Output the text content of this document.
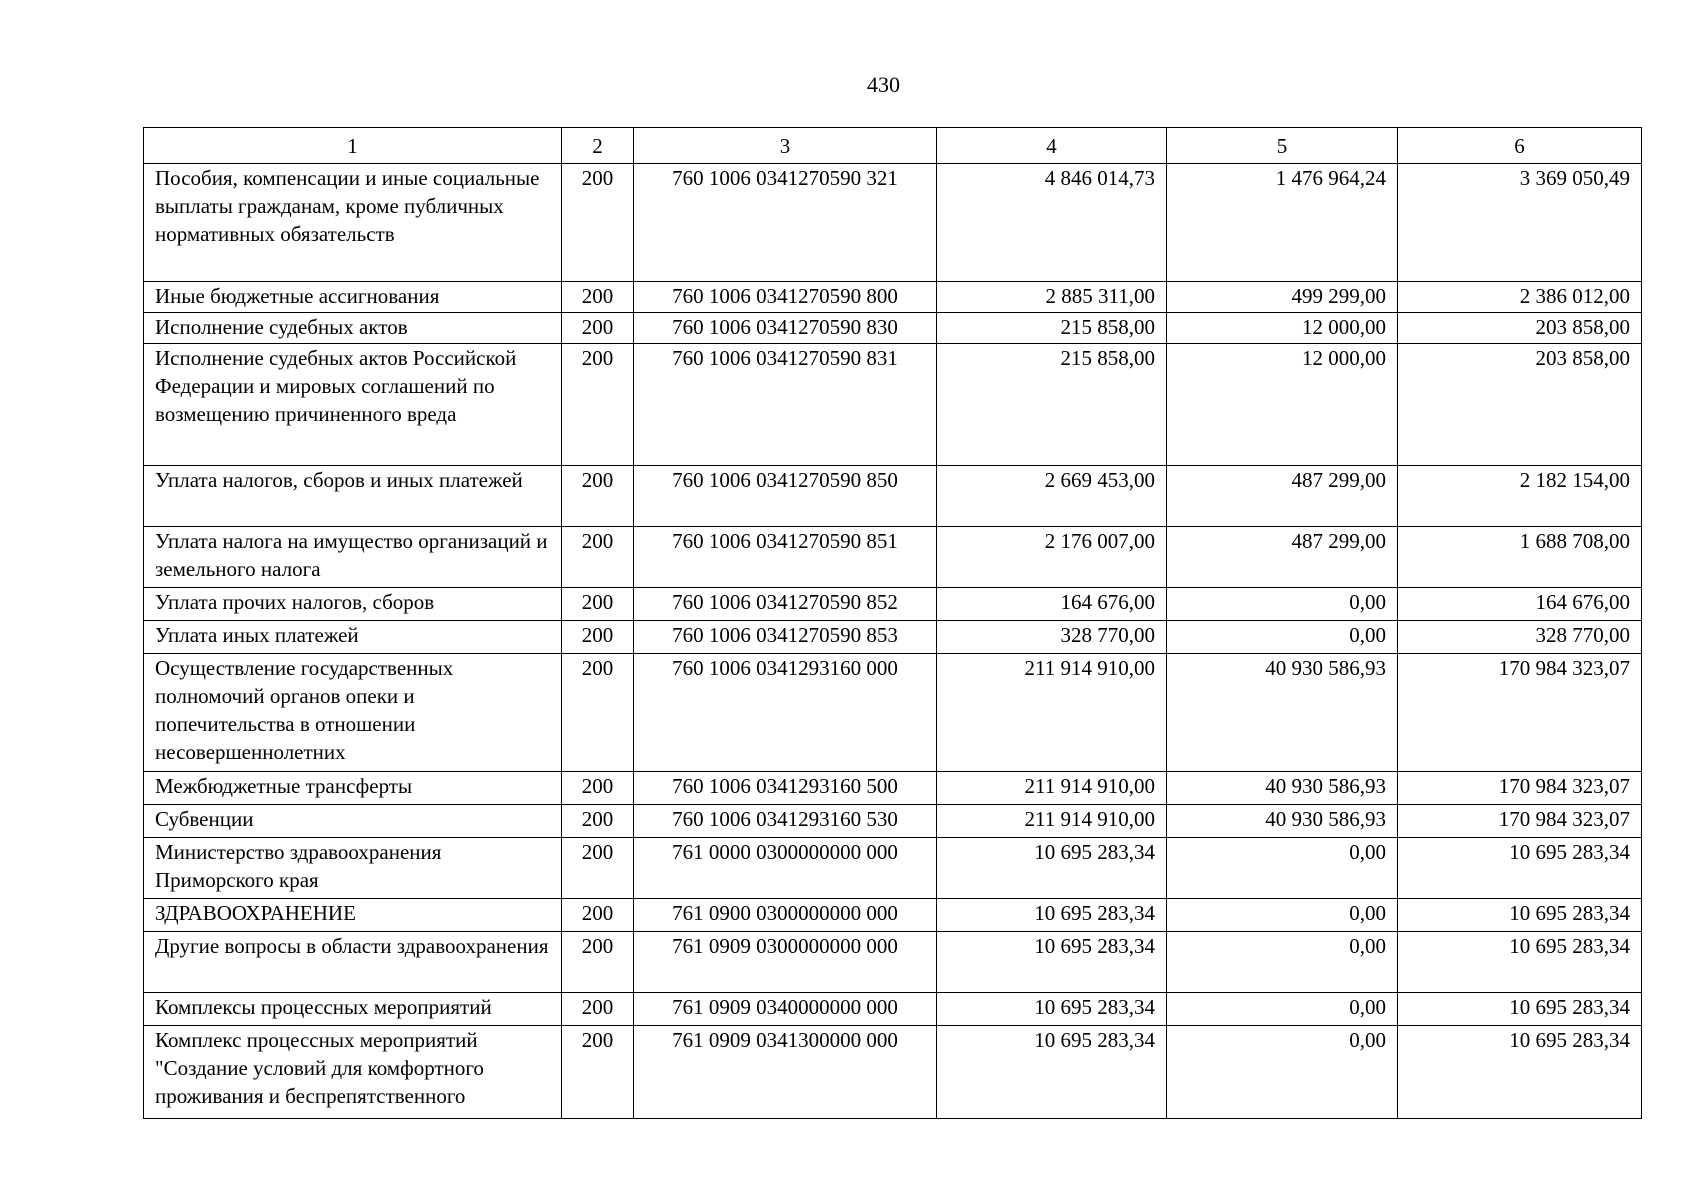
430
1	2	3	4	5	6
Пособия, компенсации и иные социальные выплаты гражданам, кроме публичных нормативных обязательств	200	760 1006 0341270590 321	4 846 014,73	1 476 964,24	3 369 050,49
Иные бюджетные ассигнования	200	760 1006 0341270590 800	2 885 311,00	499 299,00	2 386 012,00
Исполнение судебных актов	200	760 1006 0341270590 830	215 858,00	12 000,00	203 858,00
Исполнение судебных актов Российской Федерации и мировых соглашений по возмещению причиненного вреда	200	760 1006 0341270590 831	215 858,00	12 000,00	203 858,00
Уплата налогов, сборов и иных платежей	200	760 1006 0341270590 850	2 669 453,00	487 299,00	2 182 154,00
Уплата налога на имущество организаций и земельного налога	200	760 1006 0341270590 851	2 176 007,00	487 299,00	1 688 708,00
Уплата прочих налогов, сборов	200	760 1006 0341270590 852	164 676,00	0,00	164 676,00
Уплата иных платежей	200	760 1006 0341270590 853	328 770,00	0,00	328 770,00
Осуществление государственных полномочий органов опеки и попечительства в отношении несовершеннолетних	200	760 1006 0341293160 000	211 914 910,00	40 930 586,93	170 984 323,07
Межбюджетные трансферты	200	760 1006 0341293160 500	211 914 910,00	40 930 586,93	170 984 323,07
Субвенции	200	760 1006 0341293160 530	211 914 910,00	40 930 586,93	170 984 323,07
Министерство здравоохранения Приморского края	200	761 0000 0300000000 000	10 695 283,34	0,00	10 695 283,34
ЗДРАВООХРАНЕНИЕ	200	761 0900 0300000000 000	10 695 283,34	0,00	10 695 283,34
Другие вопросы в области здравоохранения	200	761 0909 0300000000 000	10 695 283,34	0,00	10 695 283,34
Комплексы процессных мероприятий	200	761 0909 0340000000 000	10 695 283,34	0,00	10 695 283,34
Комплекс процессных мероприятий "Создание условий для комфортного проживания и беспрепятственного	200	761 0909 0341300000 000	10 695 283,34	0,00	10 695 283,34
